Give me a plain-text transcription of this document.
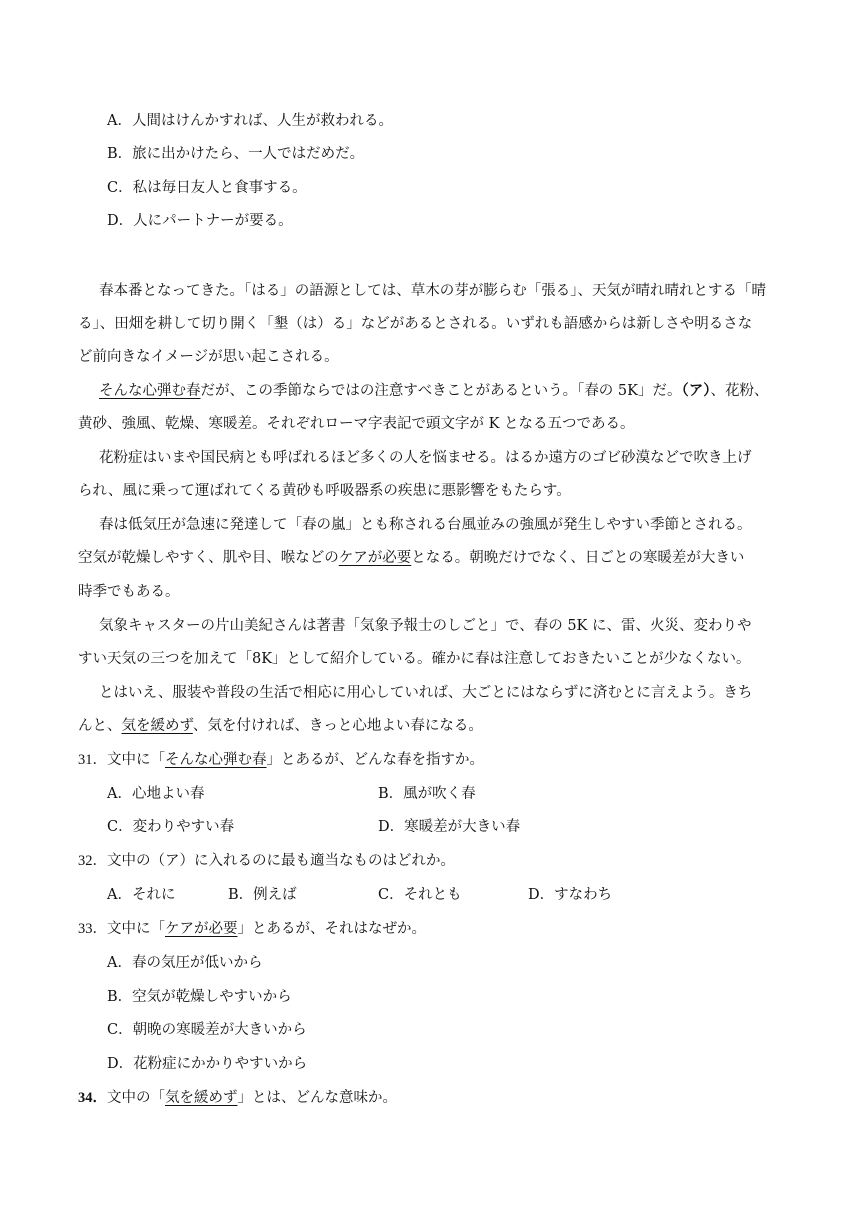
A．人間はけんかすれば、人生が救われる。
B．旅に出かけたら、一人ではだめだ。
C．私は毎日友人と食事する。
D．人にパートナーが要る。
春本番となってきた。「はる」の語源としては、草木の芽が膨らむ「張る」、天気が晴れ晴れとする「晴
る」、田畑を耕して切り開く「墾（は）る」などがあるとされる。いずれも語感からは新しさや明るさな
ど前向きなイメージが思い起こされる。
そんな心弾む春だが、この季節ならではの注意すべきことがあるという。「春の 5K」だ。（ア）、花粉、
黄砂、強風、乾燥、寒暖差。それぞれローマ字表記で頭文字が K となる五つである。
花粉症はいまや国民病とも呼ばれるほど多くの人を悩ませる。はるか遠方のゴビ砂漠などで吹き上げ
られ、風に乗って運ばれてくる黄砂も呼吸器系の疾患に悪影響をもたらす。
春は低気圧が急速に発達して「春の嵐」とも称される台風並みの強風が発生しやすい季節とされる。
空気が乾燥しやすく、肌や目、喉などのケアが必要となる。朝晩だけでなく、日ごとの寒暖差が大きい
時季でもある。
気象キャスターの片山美紀さんは著書「気象予報士のしごと」で、春の 5K に、雷、火災、変わりや
すい天気の三つを加えて「8K」として紹介している。確かに春は注意しておきたいことが少なくない。
とはいえ、服装や普段の生活で相応に用心していれば、大ごとにはならずに済むとに言えよう。きち
んと、気を緩めず、気を付ければ、きっと心地よい春になる。
31．文中に「そんな心弾む春」とあるが、どんな春を指すか。
A．心地よい春	B．風が吹く春
C．変わりやすい春	D．寒暖差が大きい春
32．文中の（ア）に入れるのに最も適当なものはどれか。
A．それに	B．例えば	C．それとも	D．すなわち
33．文中に「ケアが必要」とあるが、それはなぜか。
A．春の気圧が低いから
B．空気が乾燥しやすいから
C．朝晩の寒暖差が大きいから
D．花粉症にかかりやすいから
34．文中の「気を緩めず」とは、どんな意味か。
